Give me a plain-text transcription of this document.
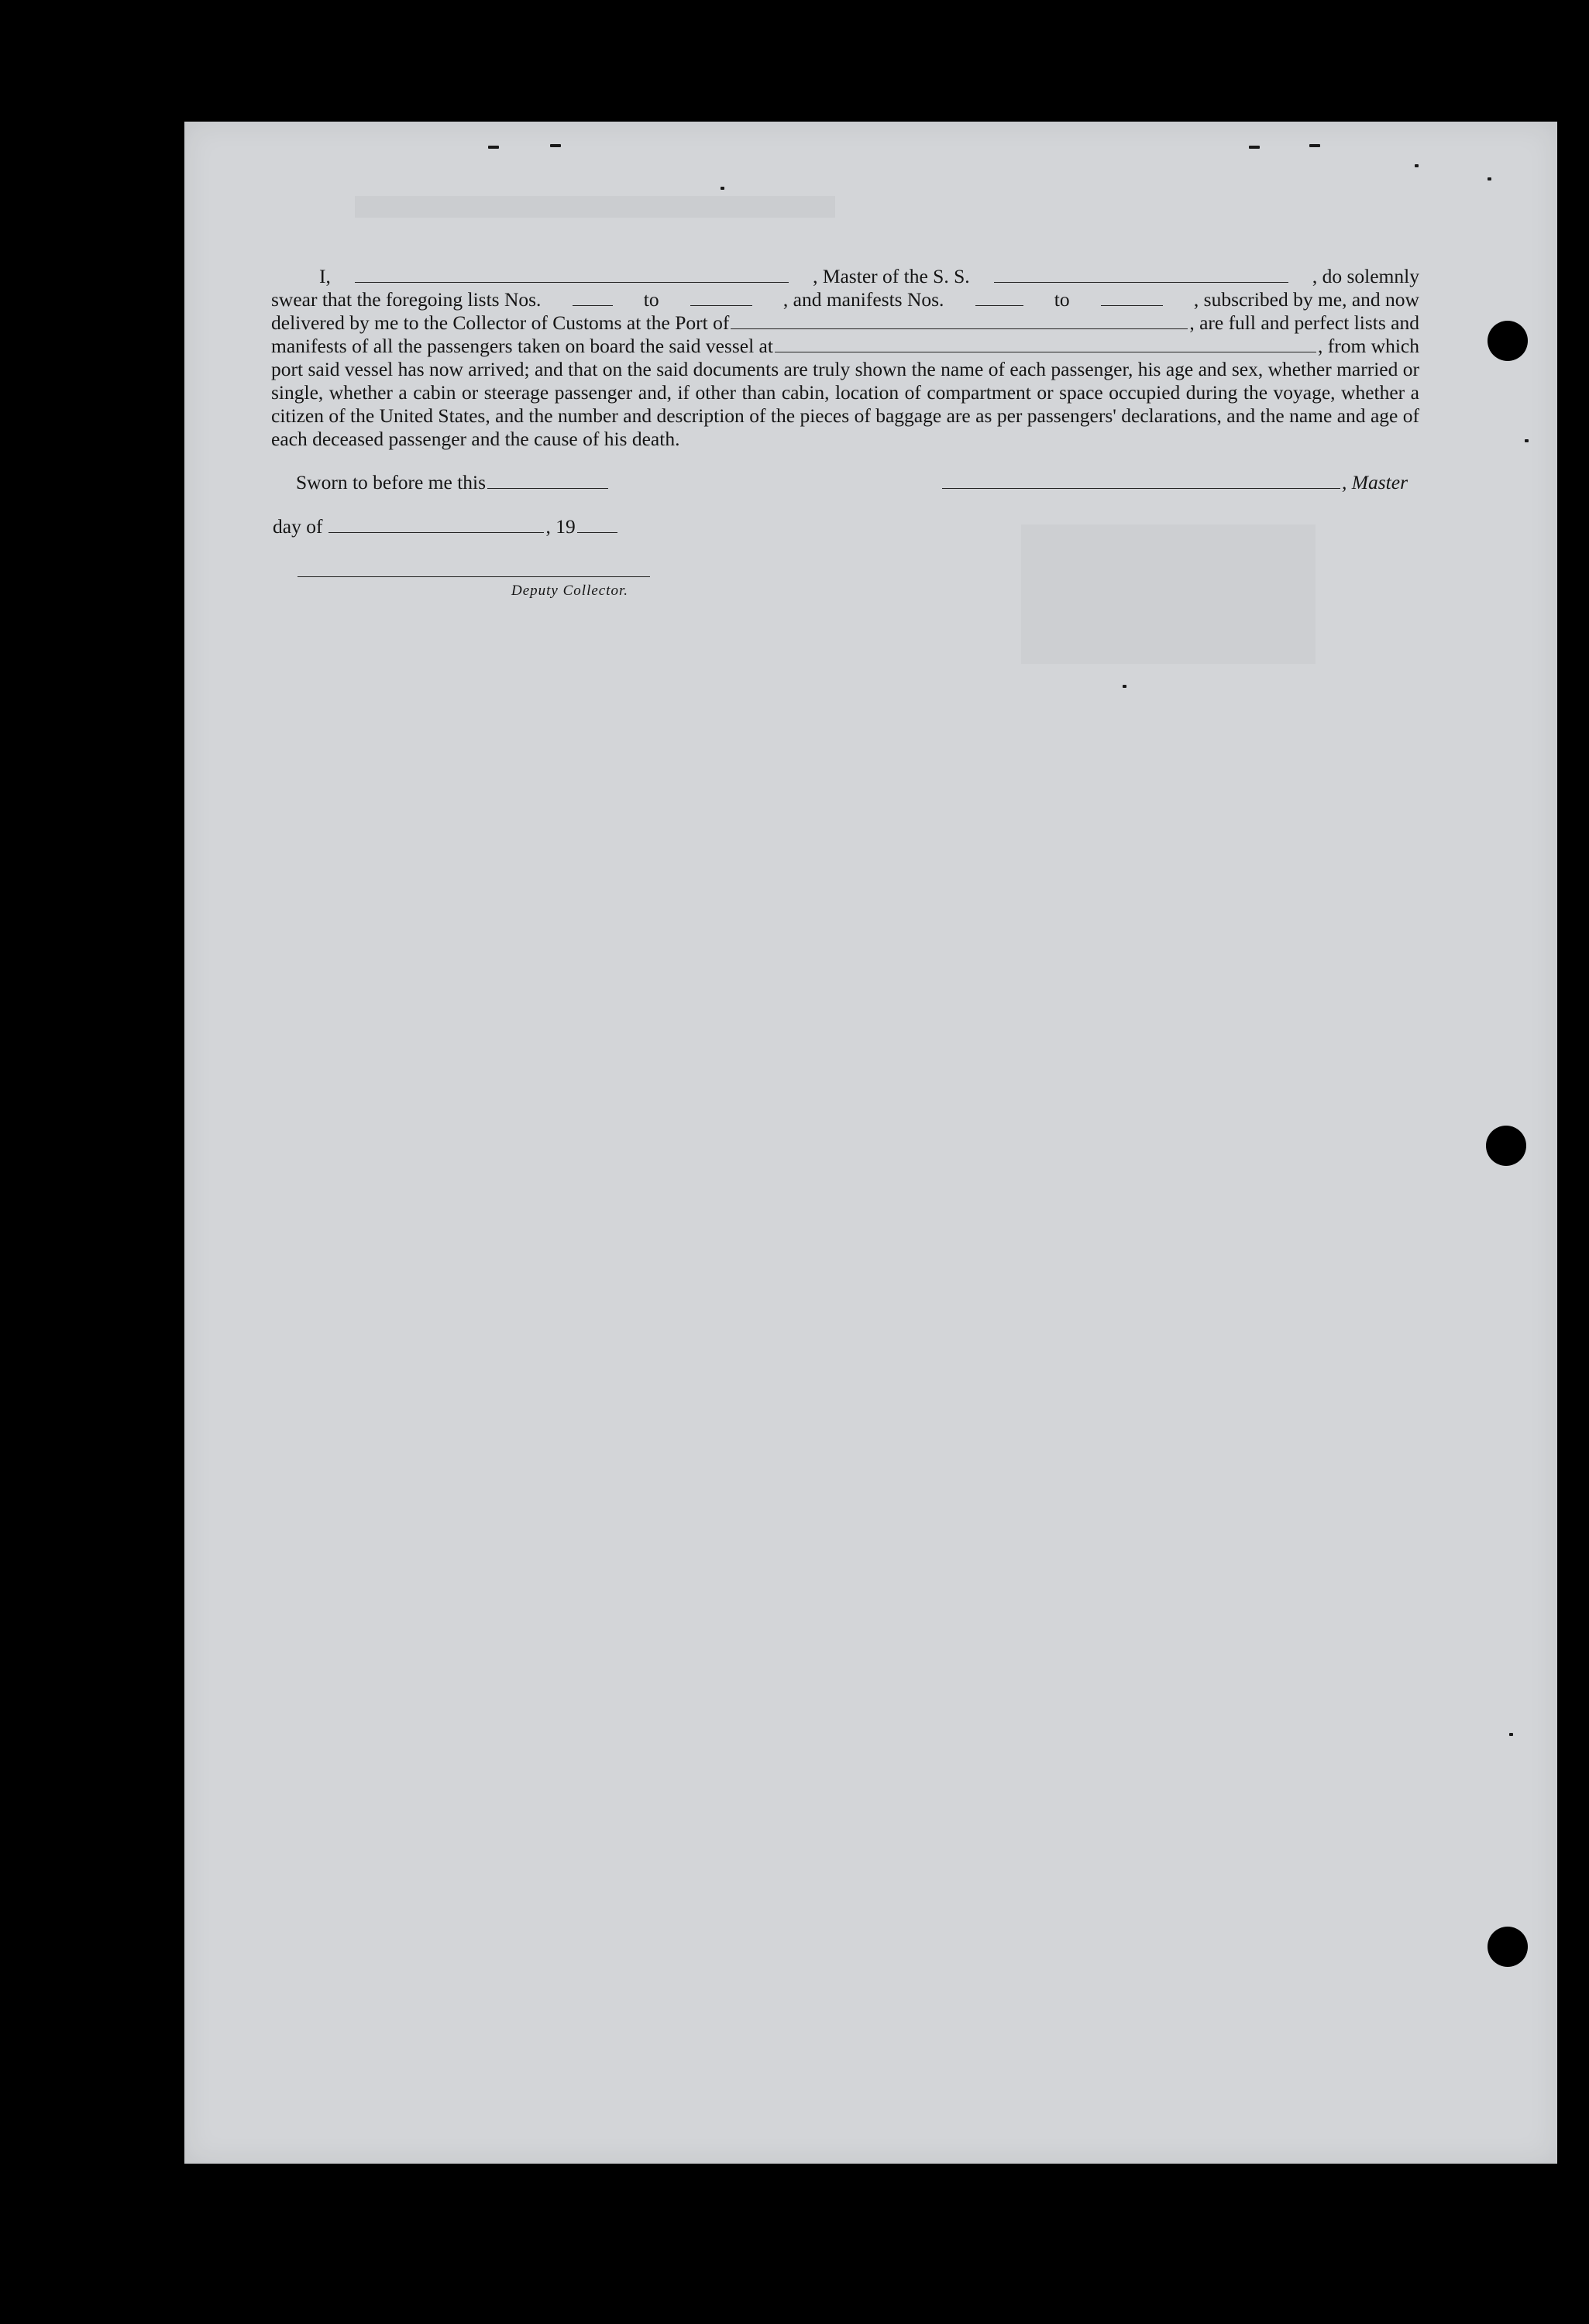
I,	, Master of the S. S.	, do solemnly
swear that the foregoing lists Nos.	to	, and manifests Nos.	to	, subscribed by me, and now
delivered by me to the Collector of Customs at the Port of	, are full and perfect lists and
manifests of all the passengers taken on board the said vessel at	, from which
port said vessel has now arrived; and that on the said documents are truly shown the name of each passenger, his age and sex, whether married or single, whether a cabin or steerage passenger and, if other than cabin, location of compartment or space occupied during the voyage, whether a citizen of the United States, and the number and description of the pieces of baggage are as per passengers' declarations, and the name and age of each deceased passenger and the cause of his death.
Sworn to before me this	, Master
day of	, 19
Deputy Collector.
